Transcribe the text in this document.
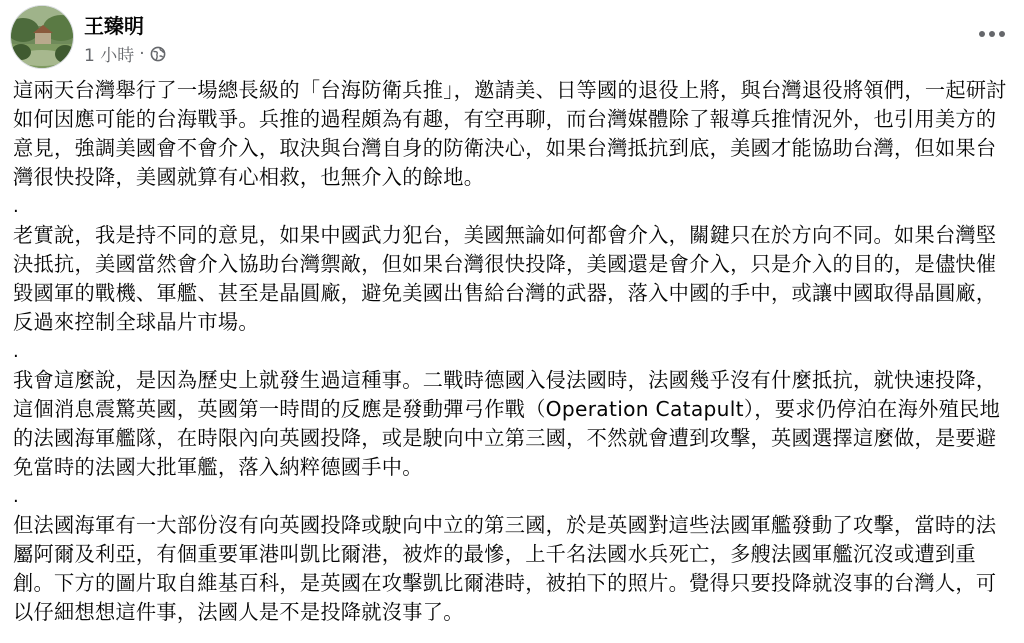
王臻明
1 小時 ·

這兩天台灣舉行了一場總長級的「台海防衛兵推」，邀請美、日等國的退役上將，與台灣退役將領們，一起研討如何因應可能的台海戰爭。兵推的過程頗為有趣，有空再聊，而台灣媒體除了報導兵推情況外，也引用美方的意見，強調美國會不會介入，取決與台灣自身的防衛決心，如果台灣抵抗到底，美國才能協助台灣，但如果台灣很快投降，美國就算有心相救，也無介入的餘地。

.

老實說，我是持不同的意見，如果中國武力犯台，美國無論如何都會介入，關鍵只在於方向不同。如果台灣堅決抵抗，美國當然會介入協助台灣禦敵，但如果台灣很快投降，美國還是會介入，只是介入的目的，是儘快催毀國軍的戰機、軍艦、甚至是晶圓廠，避免美國出售給台灣的武器，落入中國的手中，或讓中國取得晶圓廠，反過來控制全球晶片市場。

.

我會這麼說，是因為歷史上就發生過這種事。二戰時德國入侵法國時，法國幾乎沒有什麼抵抗，就快速投降，這個消息震驚英國，英國第一時間的反應是發動彈弓作戰（Operation Catapult），要求仍停泊在海外殖民地的法國海軍艦隊，在時限內向英國投降，或是駛向中立第三國，不然就會遭到攻擊，英國選擇這麼做，是要避免當時的法國大批軍艦，落入納粹德國手中。

.

但法國海軍有一大部份沒有向英國投降或駛向中立的第三國，於是英國對這些法國軍艦發動了攻擊，當時的法屬阿爾及利亞，有個重要軍港叫凱比爾港，被炸的最慘，上千名法國水兵死亡，多艘法國軍艦沉沒或遭到重創。下方的圖片取自維基百科，是英國在攻擊凱比爾港時，被拍下的照片。覺得只要投降就沒事的台灣人，可以仔細想想這件事，法國人是不是投降就沒事了。
